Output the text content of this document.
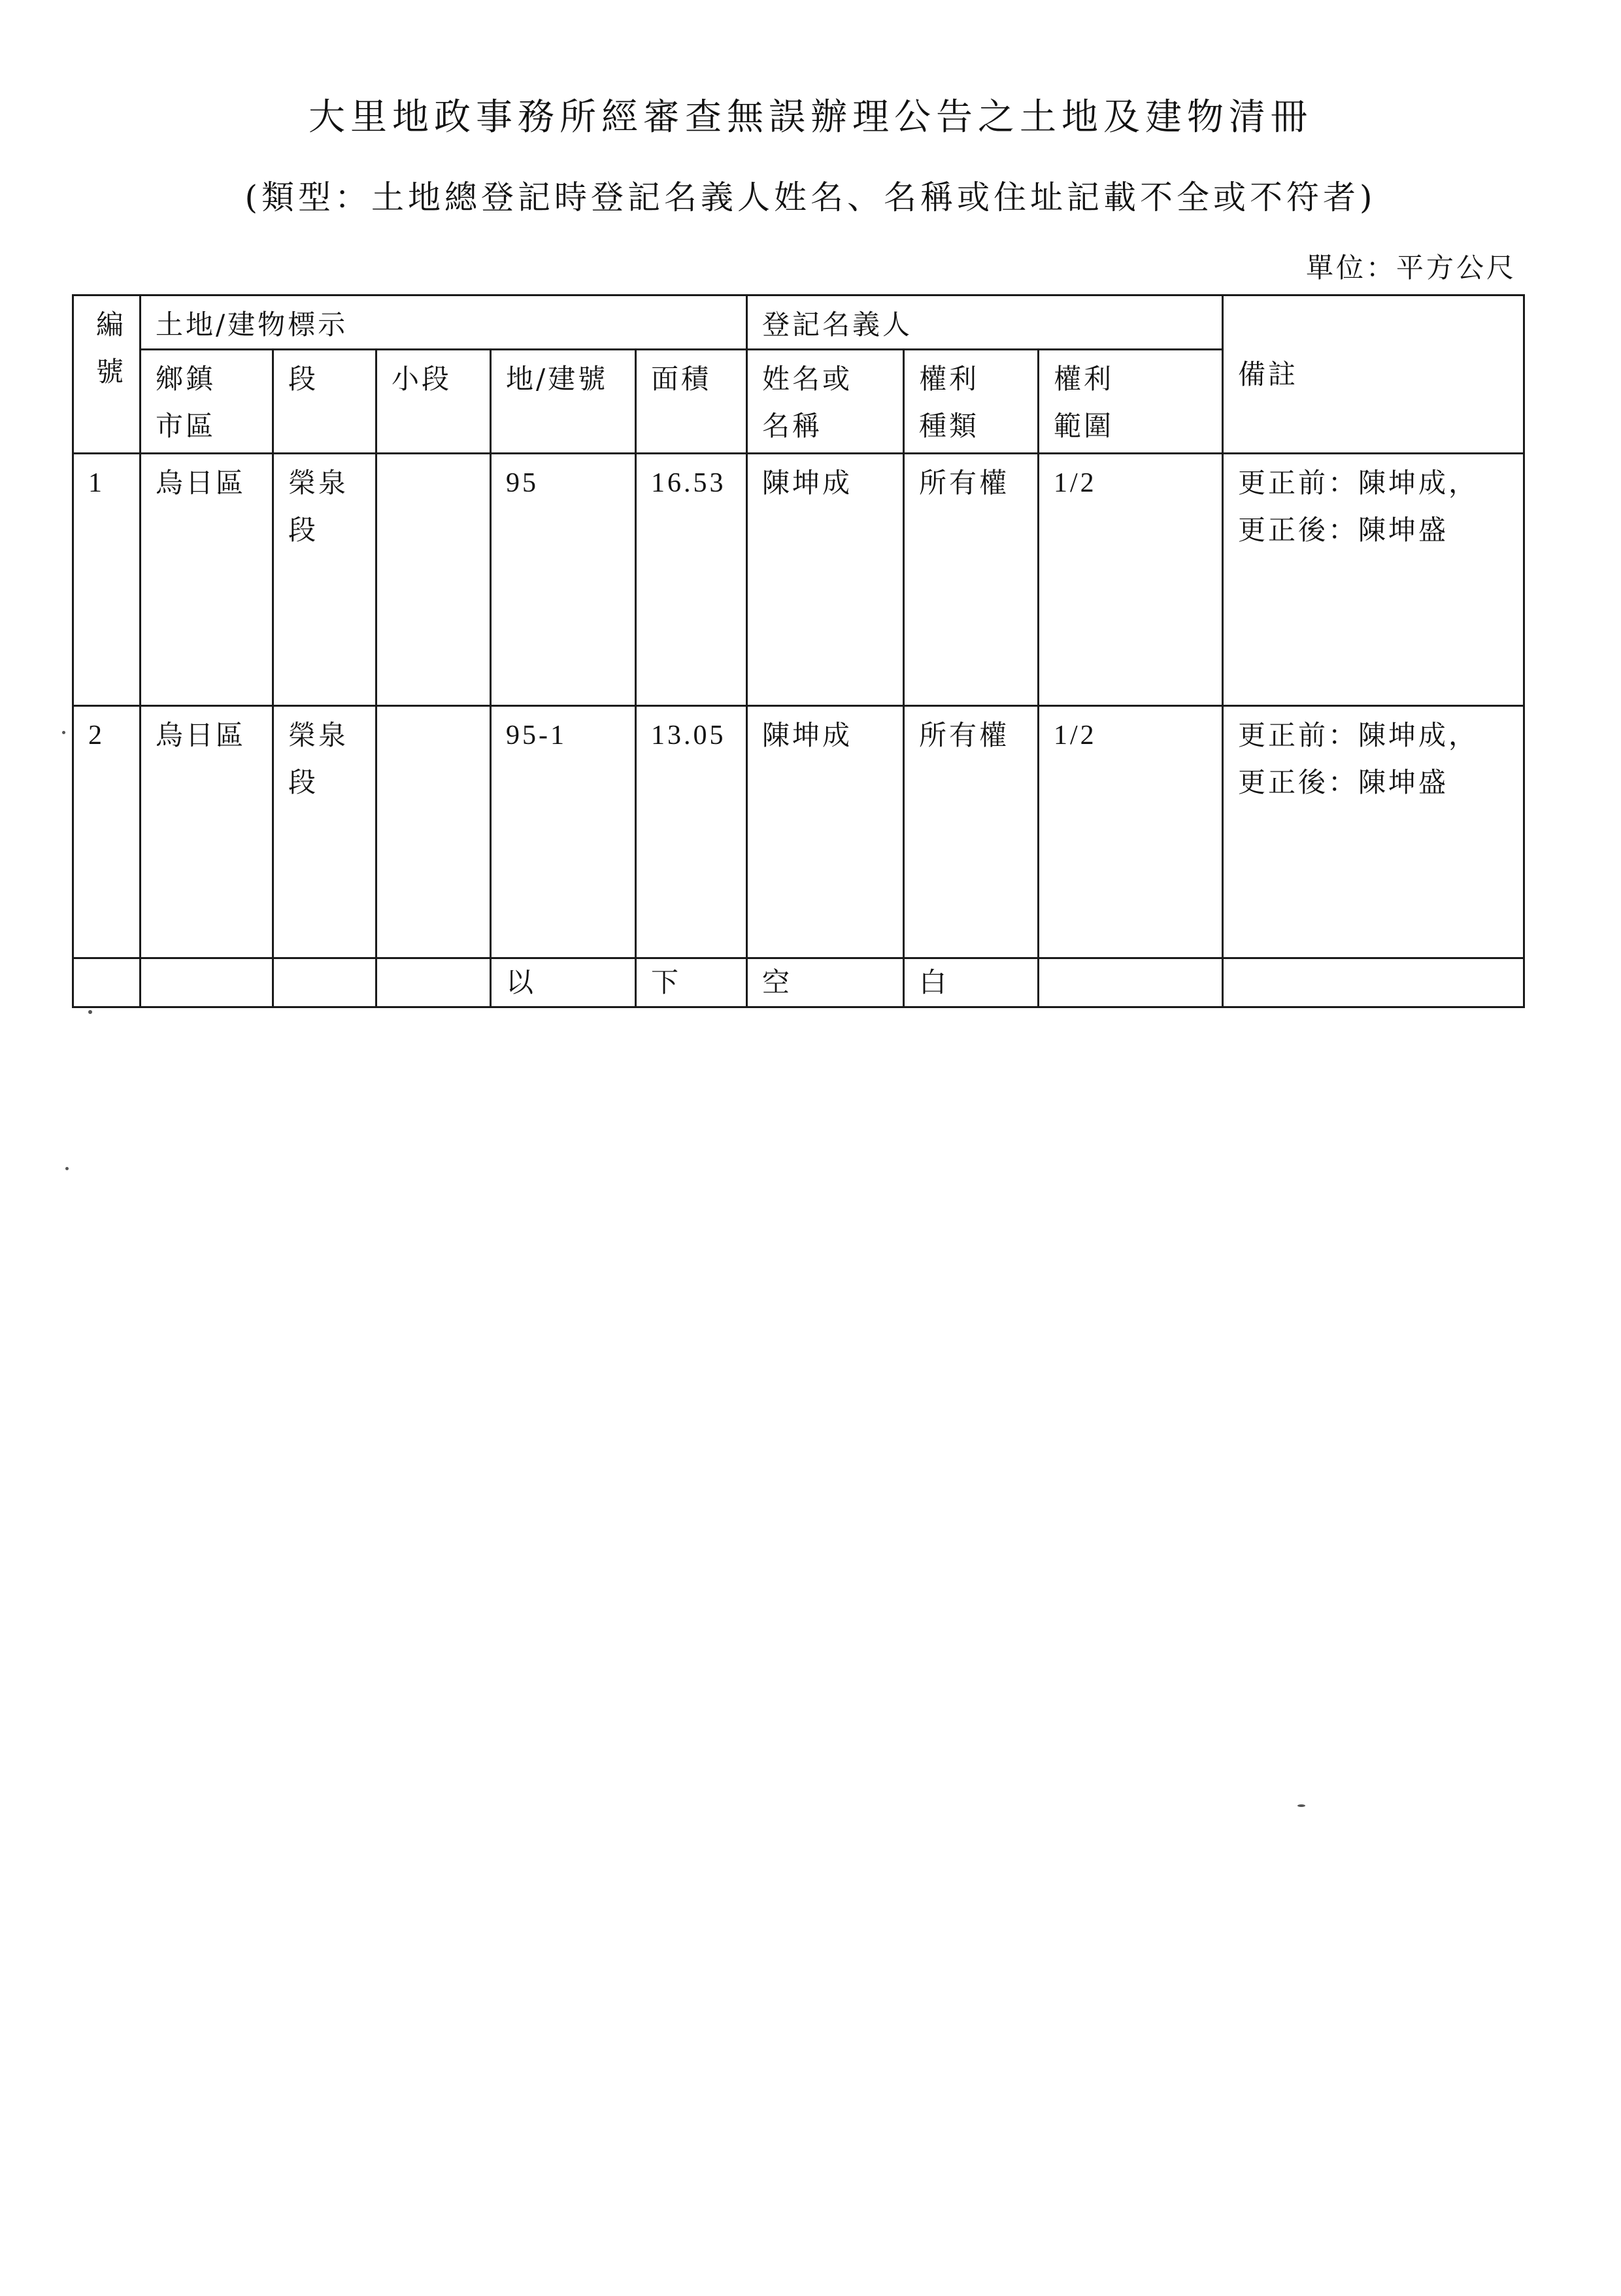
大里地政事務所經審查無誤辦理公告之土地及建物清冊
(類型：土地總登記時登記名義人姓名、名稱或住址記載不全或不符者)
單位：平方公尺
編
號	土地/建物標示					登記名義人			備註

	鄉鎮
市區	段	小段	地/建號	面積	姓名或
名稱	權利
種類	權利
範圍	

1	烏日區	榮泉
段		95	16.53	陳坤成	所有權	1/2	更正前：陳坤成，
更正後：陳坤盛

2	烏日區	榮泉
段		95-1	13.05	陳坤成	所有權	1/2	更正前：陳坤成，
更正後：陳坤盛

				以	下	空	白		
